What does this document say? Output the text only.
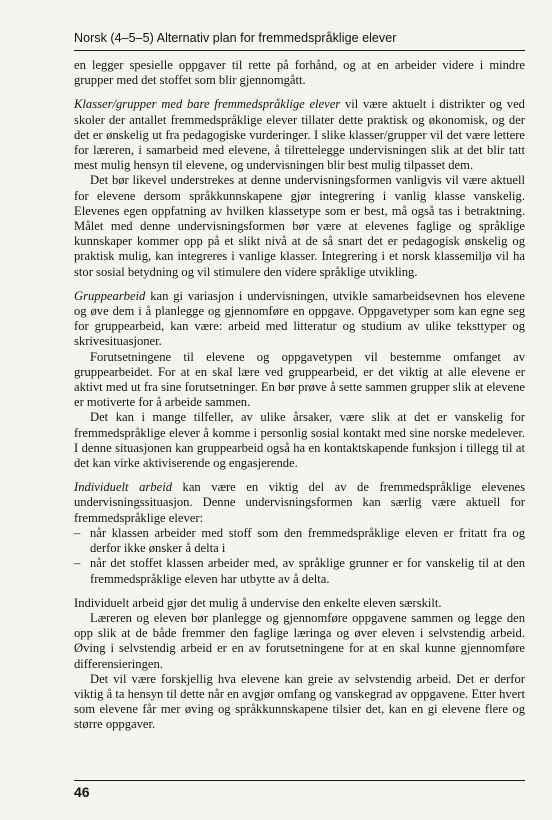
Norsk (4–5–5) Alternativ plan for fremmedspråklige elever

en legger spesielle oppgaver til rette på forhånd, og at en arbeider videre i mindre grupper med det stoffet som blir gjennomgått.

Klasser/grupper med bare fremmedspråklige elever vil være aktuelt i distrikter og ved skoler der antallet fremmedspråklige elever tillater dette praktisk og økonomisk, og der det er ønskelig ut fra pedagogiske vurderinger. I slike klasser/grupper vil det være lettere for læreren, i samarbeid med elevene, å tilrettelegge undervisningen slik at det blir tatt mest mulig hensyn til elevene, og undervisningen blir best mulig tilpasset dem.

Det bør likevel understrekes at denne undervisningsformen vanligvis vil være aktuell for elevene dersom språkkunnskapene gjør integrering i vanlig klasse vanskelig. Elevenes egen oppfatning av hvilken klassetype som er best, må også tas i betraktning. Målet med denne undervisningsformen bør være at elevenes faglige og språklige kunnskaper kommer opp på et slikt nivå at de så snart det er pedagogisk ønskelig og praktisk mulig, kan integreres i vanlige klasser. Integrering i et norsk klassemiljø vil ha stor sosial betydning og vil stimulere den videre språklige utvikling.

Gruppearbeid kan gi variasjon i undervisningen, utvikle samarbeidsevnen hos elevene og øve dem i å planlegge og gjennomføre en oppgave. Oppgavetyper som kan egne seg for gruppearbeid, kan være: arbeid med litteratur og studium av ulike teksttyper og skrivesituasjoner.

Forutsetningene til elevene og oppgavetypen vil bestemme omfanget av gruppearbeidet. For at en skal lære ved gruppearbeid, er det viktig at alle elevene er aktivt med ut fra sine forutsetninger. En bør prøve å sette sammen grupper slik at elevene er motiverte for å arbeide sammen.

Det kan i mange tilfeller, av ulike årsaker, være slik at det er vanskelig for fremmedspråklige elever å komme i personlig sosial kontakt med sine norske medelever. I denne situasjonen kan gruppearbeid også ha en kontaktskapende funksjon i tillegg til at det kan virke aktiviserende og engasjerende.

Individuelt arbeid kan være en viktig del av de fremmedspråklige elevenes undervisningssituasjon. Denne undervisningsformen kan særlig være aktuell for fremmedspråklige elever:

– når klassen arbeider med stoff som den fremmedspråklige eleven er fritatt fra og derfor ikke ønsker å delta i
– når det stoffet klassen arbeider med, av språklige grunner er for vanskelig til at den fremmedspråklige eleven har utbytte av å delta.

Individuelt arbeid gjør det mulig å undervise den enkelte eleven særskilt.

Læreren og eleven bør planlegge og gjennomføre oppgavene sammen og legge den opp slik at de både fremmer den faglige læringa og øver eleven i selvstendig arbeid. Øving i selvstendig arbeid er en av forutsetningene for at en skal kunne gjennomføre differensieringen.

Det vil være forskjellig hva elevene kan greie av selvstendig arbeid. Det er derfor viktig å ta hensyn til dette når en avgjør omfang og vanskegrad av oppgavene. Etter hvert som elevene får mer øving og språkkunnskapene tilsier det, kan en gi elevene flere og større oppgaver.

46
